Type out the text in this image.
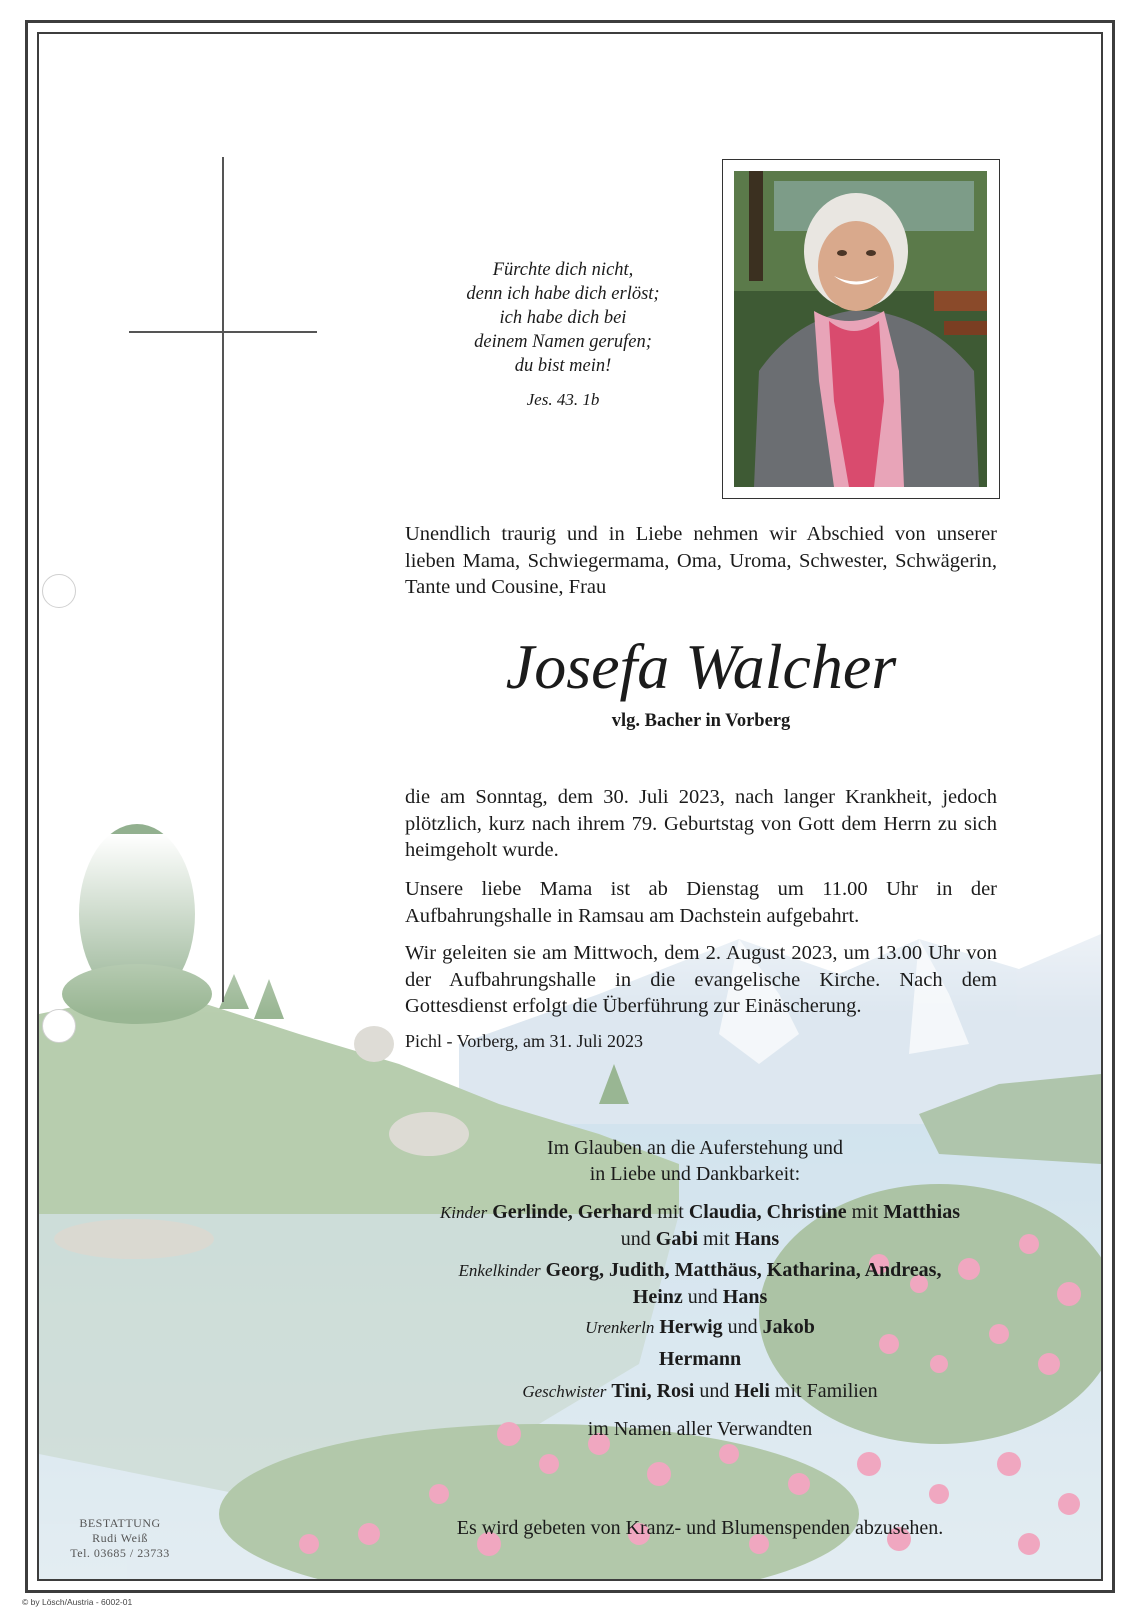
Fürchte dich nicht,
denn ich habe dich erlöst;
ich habe dich bei
deinem Namen gerufen;
du bist mein!
Jes. 43. 1b
Unendlich traurig und in Liebe nehmen wir Abschied von unserer lieben Mama, Schwiegermama, Oma, Uroma, Schwester, Schwägerin, Tante und Cousine, Frau
Josefa Walcher
vlg. Bacher in Vorberg
die am Sonntag, dem 30. Juli 2023, nach langer Krankheit, jedoch plötzlich, kurz nach ihrem 79. Geburtstag von Gott dem Herrn zu sich heimgeholt wurde.
Unsere liebe Mama ist ab Dienstag um 11.00 Uhr in der Aufbahrungshalle in Ramsau am Dachstein aufgebahrt.
Wir geleiten sie am Mittwoch, dem 2. August 2023, um 13.00 Uhr von der Aufbahrungshalle in die evangelische Kirche. Nach dem Gottesdienst erfolgt die Überführung zur Einäscherung.
Pichl - Vorberg, am 31. Juli 2023
Im Glauben an die Auferstehung und
in Liebe und Dankbarkeit:
Kinder Gerlinde, Gerhard mit Claudia, Christine mit Matthias
und Gabi mit Hans
Enkelkinder Georg, Judith, Matthäus, Katharina, Andreas,
Heinz und Hans
Urenkerln Herwig und Jakob
Hermann
Geschwister Tini, Rosi und Heli mit Familien
im Namen aller Verwandten
Es wird gebeten von Kranz- und Blumenspenden abzusehen.
BESTATTUNG
Rudi Weiß
Tel. 03685 / 23733
© by Lösch/Austria - 6002-01
